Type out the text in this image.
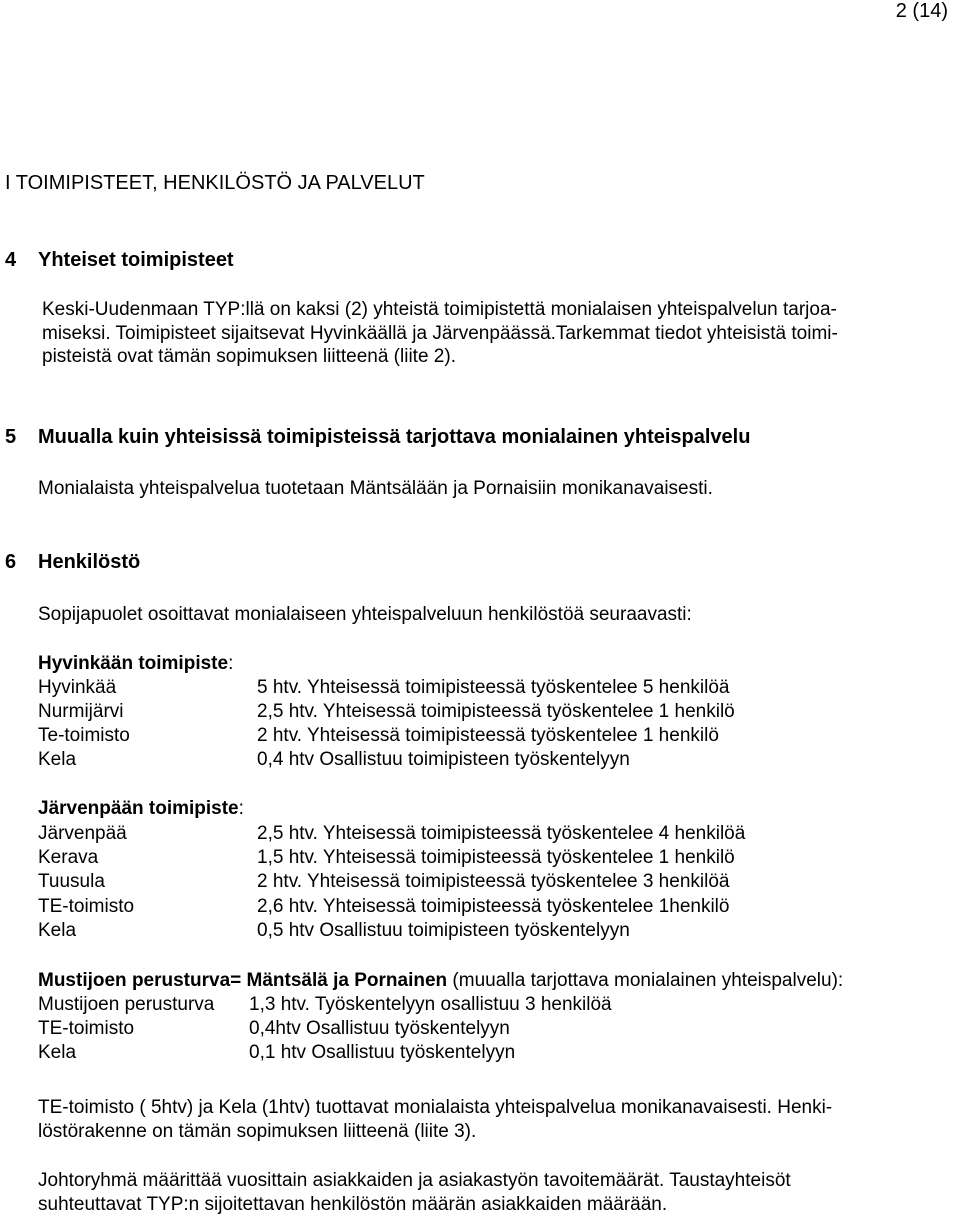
2 (14)
I TOIMIPISTEET, HENKILÖSTÖ JA PALVELUT
4 Yhteiset toimipisteet
Keski-Uudenmaan TYP:llä on kaksi (2) yhteistä toimipistettä monialaisen yhteispalvelun tarjoa-
miseksi. Toimipisteet sijaitsevat Hyvinkäällä ja Järvenpäässä.Tarkemmat tiedot yhteisistä toimi-
pisteistä ovat tämän sopimuksen liitteenä (liite 2).
5 Muualla kuin yhteisissä toimipisteissä tarjottava monialainen yhteispalvelu
Monialaista yhteispalvelua tuotetaan Mäntsälään ja Pornaisiin monikanavaisesti.
6 Henkilöstö
Sopijapuolet osoittavat monialaiseen yhteispalveluun henkilöstöä seuraavasti:
Hyvinkään toimipiste:
Hyvinkää	5 htv. Yhteisessä toimipisteessä työskentelee 5 henkilöä
Nurmijärvi	2,5 htv. Yhteisessä toimipisteessä työskentelee 1 henkilö
Te-toimisto	2 htv. Yhteisessä toimipisteessä työskentelee 1 henkilö
Kela	0,4 htv Osallistuu toimipisteen työskentelyyn
Järvenpään toimipiste:
Järvenpää	2,5 htv. Yhteisessä toimipisteessä työskentelee 4 henkilöä
Kerava	1,5 htv. Yhteisessä toimipisteessä työskentelee 1 henkilö
Tuusula	2 htv. Yhteisessä toimipisteessä työskentelee 3 henkilöä
TE-toimisto	2,6 htv. Yhteisessä toimipisteessä työskentelee 1henkilö
Kela	0,5 htv Osallistuu toimipisteen työskentelyyn
Mustijoen perusturva= Mäntsälä ja Pornainen (muualla tarjottava monialainen yhteispalvelu):
Mustijoen perusturva 1,3 htv. Työskentelyyn osallistuu 3 henkilöä
TE-toimisto	0,4htv Osallistuu työskentelyyn
Kela	0,1 htv Osallistuu työskentelyyn
TE-toimisto ( 5htv) ja Kela (1htv) tuottavat monialaista yhteispalvelua monikanavaisesti. Henki-
löstörakenne on tämän sopimuksen liitteenä (liite 3).
Johtoryhmä määrittää vuosittain asiakkaiden ja asiakastyön tavoitemäärät. Taustayhteisöt
suhteuttavat TYP:n sijoitettavan henkilöstön määrän asiakkaiden määrään.
